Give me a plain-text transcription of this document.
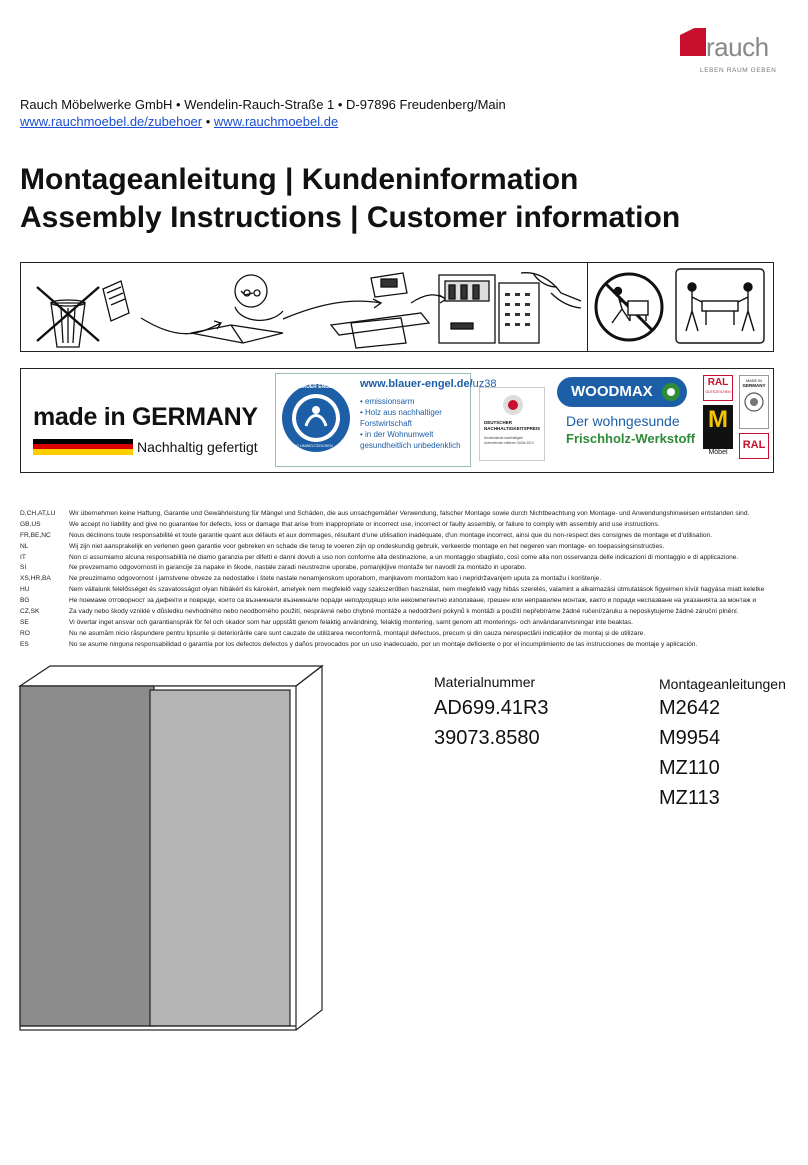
rauch
LEBEN RAUM GEBEN
Rauch Möbelwerke GmbH • Wendelin-Rauch-Straße 1 • D-97896 Freudenberg/Main
www.rauchmoebel.de/zubehoer • www.rauchmoebel.de
Montageanleitung | Kundeninformation
Assembly Instructions | Customer information
made in GERMANY
Nachhaltig gefertigt
BLAUER ENGEL
DAS UMWELTZEICHEN
www.blauer-engel.de/uz38
• emissionsarm
• Holz aus nachhaltiger Forstwirtschaft
• in der Wohnumwelt gesundheitlich unbedenklich
DEUTSCHER
NACHHALTIGKEITSPREIS
Deutschlands nachhaltigste Unternehmen mittlerer Größe 2013
WOODMAX
Der wohngesunde
Frischholz-Werkstoff
RAL
GÜTEZEICHEN
M
Möbel
MADE IN
GERMANY
RAL
D,CH,AT,LU	Wir übernehmen keine Haftung, Garantie und Gewährleistung für Mängel und Schäden, die aus unsachgemäßer Verwendung, falscher Montage sowie durch Nichtbeachtung von Montage- und Anwendungshinweisen entstanden sind.
GB,US	We accept no liability and give no guarantee for defects, loss or damage that arise from inappropriate or incorrect use, incorrect or faulty assembly, or failure to comply with assembly and use instructions.
FR,BE,NC	Nous déclinons toute responsabilité et toute garantie quant aux défauts et aux dommages, résultant d'une utilisation inadéquate, d'un montage incorrect, ainsi que du non-respect des consignes de montage et d'utilisation.
NL	Wij zijn niet aansprakelijk en verlenen geen garantie voor gebreken en schade die terug te voeren zijn op ondeskundig gebruik, verkeerde montage en het negeren van montage- en toepassingsinstructies.
IT	Non ci assumiamo alcuna responsabilità né diamo garanzia per difetti e danni dovuti a uso non conforme alla destinazione, a un montaggio sbagliato, così come alla non osservanza delle indicazioni di montaggio e di applicazione.
SI	Ne prevzemamo odgovornosti in garancije za napake in škode, nastale zaradi neustrezne uporabe, pomanjkljive montaže ter navodil za montažo in uporabo.
XS,HR,BA	Ne preuzimamo odgovornost i jamstvene obveze za nedostatke i štete nastale nenamjenskom uporabom, manjkavom montažom kao i nepridržavanjem uputa za montažu i korištenje.
HU	Nem vállalunk felelősséget és szavatosságot olyan hibákért és károkért, amelyek nem megfelelő vagy szakszerűtlen használat, nem megfelelő vagy hibás szerelés, valamint a alkalmazási útmutatások figyelmen kívül hagyása miatt keletke
BG	Не поемаме отговорност за дефекти и повреди, които са възникнали възникнали поради неподходящо или некомпетентно използване, грешен или неправилен монтаж, както и поради неспазване на указанията за монтаж и
CZ,SK	Za vady nebo škody vzniklé v důsledku nevhodného nebo neodborného použití, nesprávné nebo chybné montáže a nedodržení pokynů k montáži a použití nepřebíráme žádné ručení/záruku a neposkytujeme žádné záruční plnění.
SE	Vi övertar inget ansvar och garantiansprák för fel och skador som har uppstått genom felaktig användning, felaktig montering, samt genom att monterings- och användaranvisningar inte beaktas.
RO	Nu ne asumăm nicio răspundere pentru lipsurile și deteriorările care sunt cauzate de utilizarea neconformă, montajul defectuos, precum și din cauza nerespectării indicațiilor de montaj și de utilizare.
ES	No se asume ninguna responsabilidad o garantía por los defectos defectos y daños provocados por un uso inadecuado, por un montaje deficiente o por el incumplimiento de las instrucciones de montaje y aplicación.
Materialnummer
AD699.41R3
39073.8580
Montageanleitungen
M2642
M9954
MZ110
MZ113
